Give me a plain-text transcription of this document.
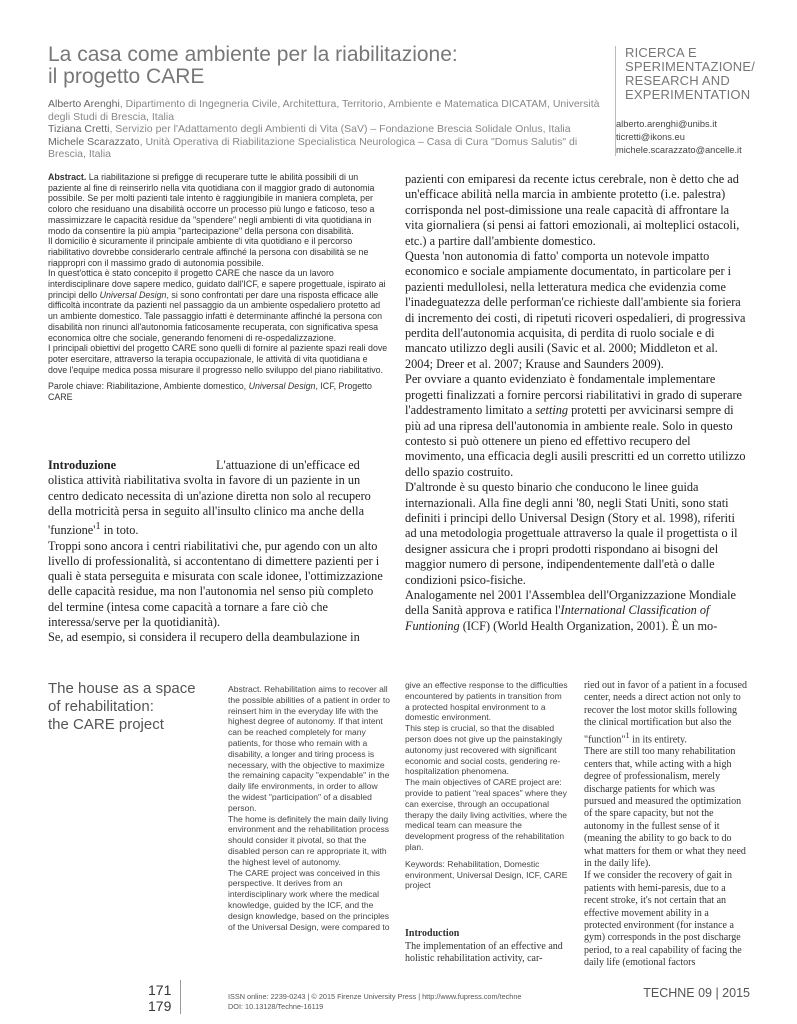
La casa come ambiente per la riabilitazione:
il progetto CARE
Alberto Arenghi, Dipartimento di Ingegneria Civile, Architettura, Territorio, Ambiente e Matematica DICATAM, Università degli Studi di Brescia, Italia
Tiziana Cretti, Servizio per l'Adattamento degli Ambienti di Vita (SaV) – Fondazione Brescia Solidale Onlus, Italia
Michele Scarazzato, Unità Operativa di Riabilitazione Specialistica Neurologica – Casa di Cura "Domus Salutis" di Brescia, Italia
RICERCA E
SPERIMENTAZIONE/
RESEARCH AND
EXPERIMENTATION
alberto.arenghi@unibs.it
ticretti@ikons.eu
michele.scarazzato@ancelle.it

Abstract. La riabilitazione si prefigge di recuperare tutte le abilità possibili di un paziente al fine di reinserirlo nella vita quotidiana con il maggior grado di autonomia possibile. Se per molti pazienti tale intento è raggiungibile in maniera completa, per coloro che residuano una disabilità occorre un processo più lungo e faticoso, teso a massimizzare le capacità residue da "spendere" negli ambienti di vita quotidiana in modo da consentire la più ampia "partecipazione" della persona con disabilità.

Il domicilio è sicuramente il principale ambiente di vita quotidiano e il percorso riabilitativo dovrebbe considerarlo centrale affinché la persona con disabilità se ne riappropri con il massimo grado di autonomia possibile.

In quest'ottica è stato concepito il progetto CARE che nasce da un lavoro interdisciplinare dove sapere medico, guidato dall'ICF, e sapere progettuale, ispirato ai principi dello Universal Design, si sono confrontati per dare una risposta efficace alle difficoltà incontrate da pazienti nel passaggio da un ambiente ospedaliero protetto ad un ambiente domestico. Tale passaggio infatti è determinante affinché la persona con disabilità non rinunci all'autonomia faticosamente recuperata, con significativa spesa economica oltre che sociale, generando fenomeni di re-ospedalizzazione.

I principali obiettivi del progetto CARE sono quelli di fornire al paziente spazi reali dove poter esercitare, attraverso la terapia occupazionale, le attività di vita quotidiana e dove l'equipe medica possa misurare il progresso nello sviluppo del piano riabilitativo.

Parole chiave: Riabilitazione, Ambiente domestico, Universal Design, ICF, Progetto CARE

Introduzione	L'attuazione di un'efficace ed olistica attività riabilitativa svolta in favore di un paziente in un centro dedicato necessita di un'azione diretta non solo al recupero della motricità persa in seguito all'insulto clinico ma anche della '$funzione'^1$ in toto.

Troppi sono ancora i centri riabilitativi che, pur agendo con un alto livello di professionalità, si accontentano di dimettere pazienti per i quali è stata perseguita e misurata con scale idonee, l'ottimizzazione delle capacità residue, ma non l'autonomia nel senso più completo del termine (intesa come capacità a tornare a fare ciò che interessa/serve per la quotidianità).

Se, ad esempio, si considera il recupero della deambulazione in

pazienti con emiparesi da recente ictus cerebrale, non è detto che ad un'efficace abilità nella marcia in ambiente protetto (i.e. palestra) corrisponda nel post-dimissione una reale capacità di affrontare la vita giornaliera (si pensi ai fattori emozionali, ai molteplici ostacoli, etc.) a partire dall'ambiente domestico.

Questa 'non autonomia di fatto' comporta un notevole impatto economico e sociale ampiamente documentato, in particolare per i pazienti medullolesi, nella letteratura medica che evidenzia come l'inadeguatezza delle performan'ce richieste dall'ambiente sia foriera di incremento dei costi, di ripetuti ricoveri ospedalieri, di progressiva perdita dell'autonomia acquisita, di perdita di ruolo sociale e di mancato utilizzo degli ausili (Savic et al. 2000; Middleton et al. 2004; Dreer et al. 2007; Krause and Saunders 2009).

Per ovviare a quanto evidenziato è fondamentale implementare progetti finalizzati a fornire percorsi riabilitativi in grado di superare l'addestramento limitato a setting protetti per avvicinarsi sempre di più ad una ripresa dell'autonomia in ambiente reale. Solo in questo contesto si può ottenere un pieno ed effettivo recupero del movimento, una efficacia degli ausili prescritti ed un corretto utilizzo dello spazio costruito.

D'altronde è su questo binario che conducono le linee guida internazionali. Alla fine degli anni '80, negli Stati Uniti, sono stati definiti i principi dello Universal Design (Story et al. 1998), riferiti ad una metodologia progettuale attraverso la quale il progettista o il designer assicura che i propri prodotti rispondano ai bisogni del maggior numero di persone, indipendentemente dall'età o dalle condizioni psico-fisiche.

Analogamente nel 2001 l'Assemblea dell'Organizzazione Mondiale della Sanità approva e ratifica l'International Classification of Funtioning (ICF) (World Health Organization, 2001). È un mo-

The house as a space
of rehabilitation:
the CARE project

Abstract. Rehabilitation aims to recover all the possible abilities of a patient in order to reinsert him in the everyday life with the highest degree of autonomy. If that intent can be reached completely for many patients, for those who remain with a disability, a longer and tiring process is necessary, with the objective to maximize the remaining capacity "expendable" in the daily life environments, in order to allow the widest "participation" of a disabled person.

The home is definitely the main daily living environment and the rehabilitation process should consider it pivotal, so that the disabled person can re appropriate it, with the highest level of autonomy.

The CARE project was conceived in this perspective. It derives from an interdisciplinary work where the medical knowledge, guided by the ICF, and the design knowledge, based on the principles of the Universal Design, were compared to

give an effective response to the difficulties encountered by patients in transition from a protected hospital environment to a domestic environment.

This step is crucial, so that the disabled person does not give up the painstakingly autonomy just recovered with significant economic and social costs, gendering re-hospitalization phenomena.

The main objectives of CARE project are: provide to patient "real spaces" where they can exercise, through an occupational therapy the daily living activities, where the medical team can measure the development progress of the rehabilitation plan.

Keywords: Rehabilitation, Domestic environment, Universal Design, ICF, CARE project

Introduction

The implementation of an effective and holistic rehabilitation activity, car-

ried out in favor of a patient in a focused center, needs a direct action not only to recover the lost motor skills following the clinical mortification but also the "function"$^1$ in its entirety.

There are still too many rehabilitation centers that, while acting with a high degree of professionalism, merely discharge patients for which was pursued and measured the optimization of the spare capacity, but not the autonomy in the fullest sense of it (meaning the ability to go back to do what matters for them or what they need in the daily life).

If we consider the recovery of gait in patients with hemi-paresis, due to a recent stroke, it's not certain that an effective movement ability in a protected environment (for instance a gym) corresponds in the post discharge period, to a real capability of facing the daily life (emotional factors

171
179
ISSN online: 2239-0243 | © 2015 Firenze University Press | http://www.fupress.com/techne
DOI: 10.13128/Techne-16119
TECHNE 09 | 2015
